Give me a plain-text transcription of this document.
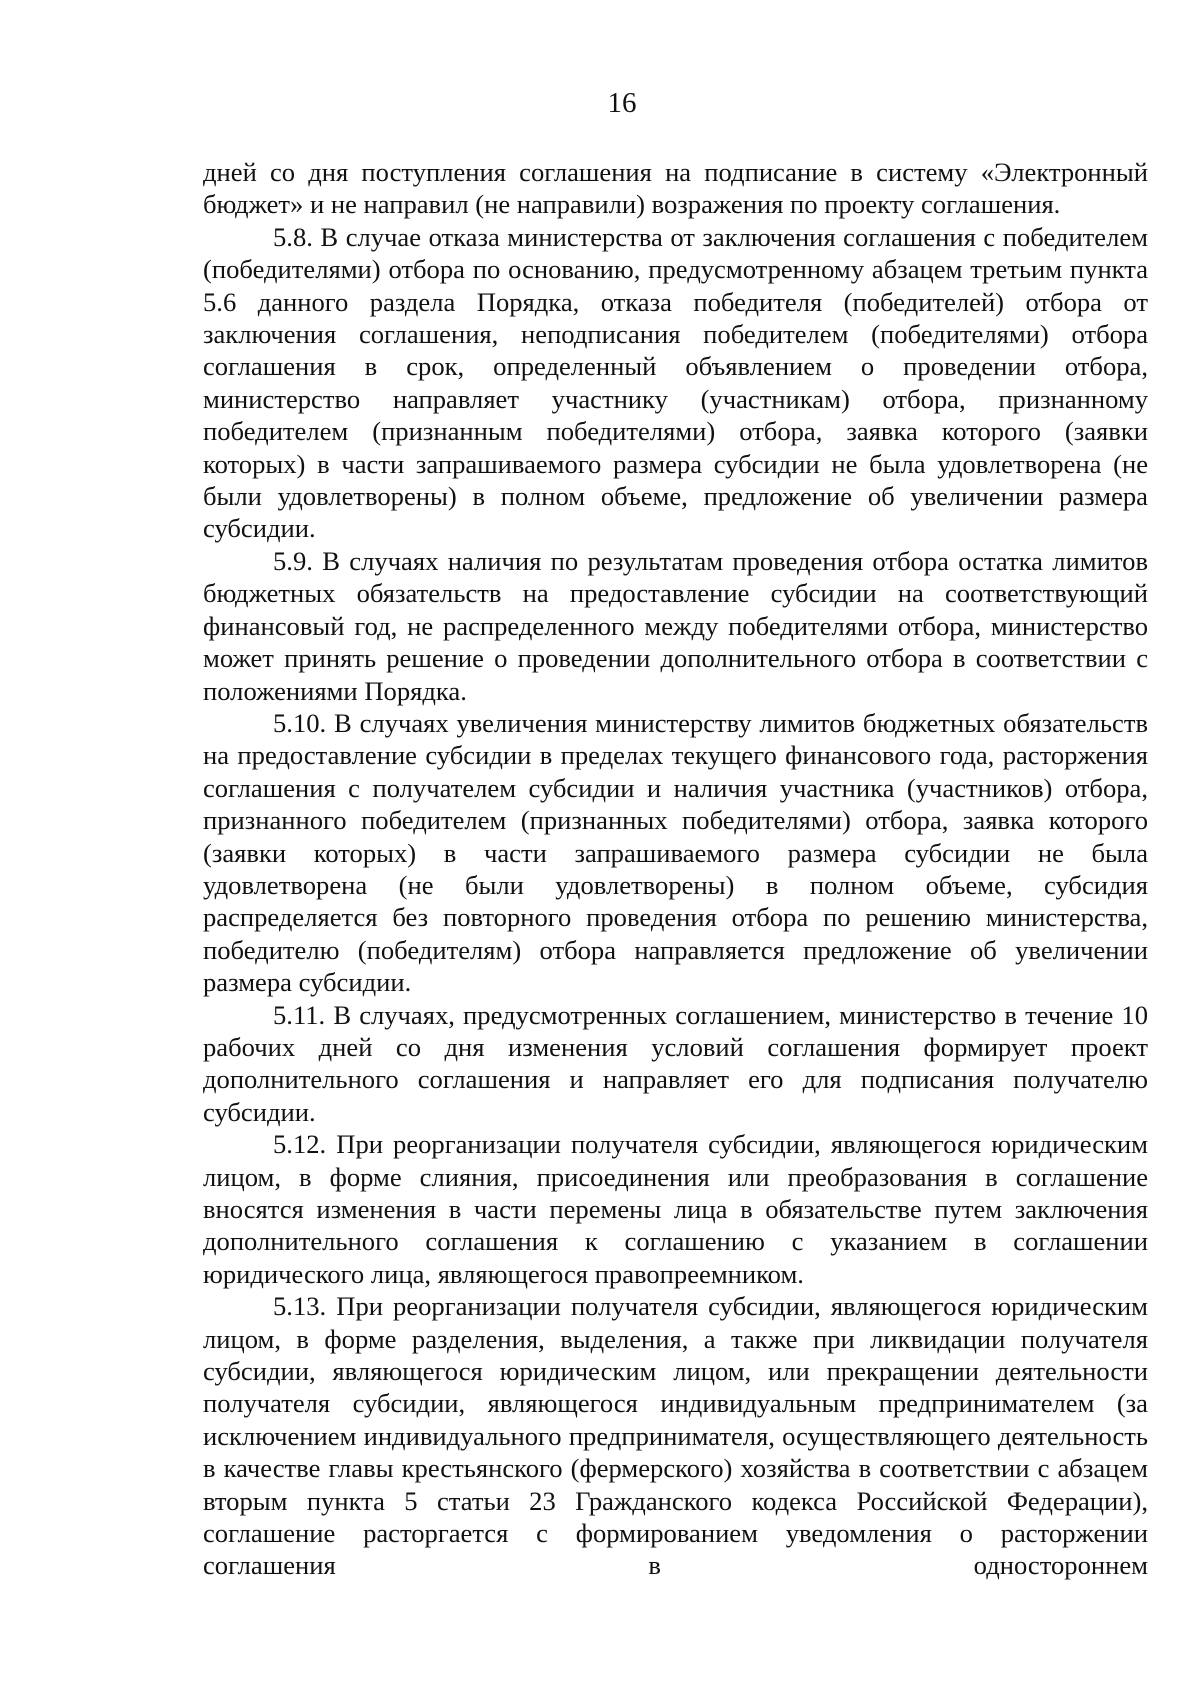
16

дней со дня поступления соглашения на подписание в систему «Электронный бюджет» и не направил (не направили) возражения по проекту соглашения.

5.8. В случае отказа министерства от заключения соглашения с победителем (победителями) отбора по основанию, предусмотренному абзацем третьим пункта 5.6 данного раздела Порядка, отказа победителя (победителей) отбора от заключения соглашения, неподписания победителем (победителями) отбора соглашения в срок, определенный объявлением о проведении отбора, министерство направляет участнику (участникам) отбора, признанному победителем (признанным победителями) отбора, заявка которого (заявки которых) в части запрашиваемого размера субсидии не была удовлетворена (не были удовлетворены) в полном объеме, предложение об увеличении размера субсидии.

5.9. В случаях наличия по результатам проведения отбора остатка лимитов бюджетных обязательств на предоставление субсидии на соответствующий финансовый год, не распределенного между победителями отбора, министерство может принять решение о проведении дополнительного отбора в соответствии с положениями Порядка.

5.10. В случаях увеличения министерству лимитов бюджетных обязательств на предоставление субсидии в пределах текущего финансового года, расторжения соглашения с получателем субсидии и наличия участника (участников) отбора, признанного победителем (признанных победителями) отбора, заявка которого (заявки которых) в части запрашиваемого размера субсидии не была удовлетворена (не были удовлетворены) в полном объеме, субсидия распределяется без повторного проведения отбора по решению министерства, победителю (победителям) отбора направляется предложение об увеличении размера субсидии.

5.11. В случаях, предусмотренных соглашением, министерство в течение 10 рабочих дней со дня изменения условий соглашения формирует проект дополнительного соглашения и направляет его для подписания получателю субсидии.

5.12. При реорганизации получателя субсидии, являющегося юридическим лицом, в форме слияния, присоединения или преобразования в соглашение вносятся изменения в части перемены лица в обязательстве путем заключения дополнительного соглашения к соглашению с указанием в соглашении юридического лица, являющегося правопреемником.

5.13. При реорганизации получателя субсидии, являющегося юридическим лицом, в форме разделения, выделения, а также при ликвидации получателя субсидии, являющегося юридическим лицом, или прекращении деятельности получателя субсидии, являющегося индивидуальным предпринимателем (за исключением индивидуального предпринимателя, осуществляющего деятельность в качестве главы крестьянского (фермерского) хозяйства в соответствии с абзацем вторым пункта 5 статьи 23 Гражданского кодекса Российской Федерации), соглашение расторгается с формированием уведомления о расторжении соглашения в одностороннем
